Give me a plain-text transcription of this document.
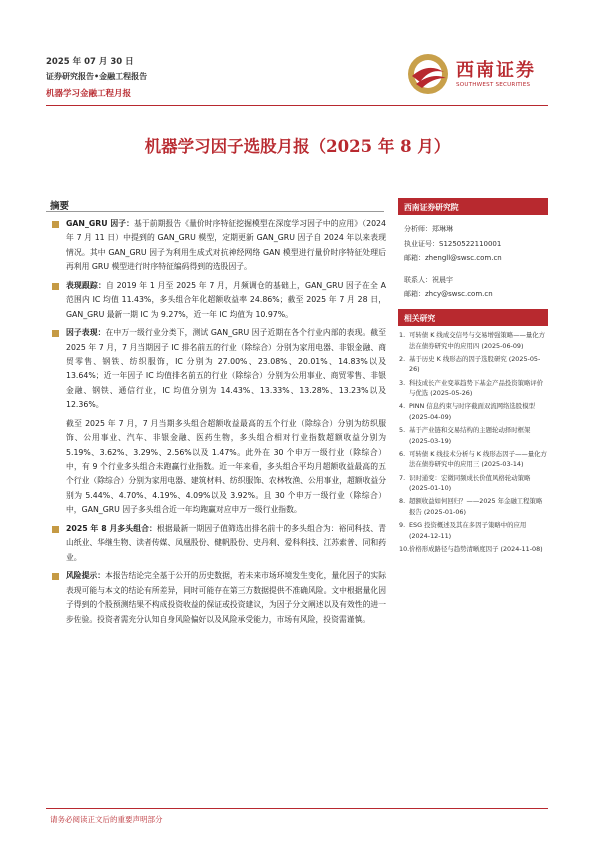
2025 年 07 月 30 日
证券研究报告•金融工程报告
机器学习金融工程月报
西南证券
SOUTHWEST SECURITIES
机器学习因子选股月报（2025 年 8 月）
摘要

GAN_GRU 因子：基于前期报告《量价时序特征挖掘模型在深度学习因子中的应用》（2024 年 7 月 11 日）中提到的 GAN_GRU 模型，定期更新 GAN_GRU 因子自 2024 年以来表现情况。其中 GAN_GRU 因子为利用生成式对抗神经网络 GAN 模型进行量价时序特征处理后再利用 GRU 模型进行时序特征编码得到的选股因子。

表现跟踪：自 2019 年 1 月至 2025 年 7 月，月频调仓的基础上，GAN_GRU 因子在全 A 范围内 IC 均值 11.43%，多头组合年化超额收益率 24.86%；截至 2025 年 7 月 28 日，GAN_GRU 最新一期 IC 为 9.27%，近一年 IC 均值为 10.97%。

因子表现：在中万一级行业分类下，测试 GAN_GRU 因子近期在各个行业内部的表现。截至 2025 年 7 月，7 月当期因子 IC 排名前五的行业（除综合）分别为家用电器、非银金融、商贸零售、钢铁、纺织服饰，IC 分别为 27.00%、23.08%、20.01%、14.83%以及 13.64%；近一年因子 IC 均值排名前五的行业（除综合）分别为公用事业、商贸零售、非银金融、钢铁、通信行业，IC 均值分别为 14.43%、13.33%、13.28%、13.23%以及 12.36%。

截至 2025 年 7 月，7 月当期多头组合超额收益最高的五个行业（除综合）分别为纺织服饰、公用事业、汽车、非银金融、医药生物，多头组合相对行业指数超额收益分别为 5.19%、3.62%、3.29%、2.56%以及 1.47%。此外在 30 个申万一级行业（除综合）中，有 9 个行业多头组合未跑赢行业指数。近一年来看，多头组合平均月超额收益最高的五个行业（除综合）分别为家用电器、建筑材料、纺织服饰、农林牧渔、公用事业，超额收益分别为 5.44%、4.70%、4.19%、4.09%以及 3.92%。且 30 个申万一级行业（除综合）中，GAN_GRU 因子多头组合近一年均跑赢对应申万一级行业指数。

2025 年 8 月多头组合：根据最新一期因子值筛选出排名前十的多头组合为：裕同科技、青山纸业、华继生物、读者传媒、凤凰股份、健帆股份、史丹利、爱科科技、江苏索普、同和药业。

风险提示：本报告结论完全基于公开的历史数据，若未来市场环境发生变化，量化因子的实际表现可能与本文的结论有所差异，同时可能存在第三方数据提供不准确风险。文中根据量化因子得到的个股预测结果不构成投资收益的保证或投资建议，为因子分文阐述以及有效性的进一步佐验。投资者需充分认知自身风险偏好以及风险承受能力，市场有风险，投资需谨慎。

西南证券研究院
分析师：郑琳琳
执业证号：S1250522110001
邮箱：zhengll@swsc.com.cn
联系人：祝晨宇
邮箱：zhcy@swsc.com.cn
相关研究
1. 可转债 K 线成交信号与交易增强策略——量化方法在债券研究中的应用四 (2025-06-09)
2. 基于历史 K 线形态的因子选股研究 (2025-05-26)
3. 科技成长产业变革趋势下基金产品投资策略评价与优选 (2025-05-26)
4. PINN 信息约束与时序截面双流网络选股模型 (2025-04-09)
5. 基于产业链和交易结构的主题轮动择时框架 (2025-03-19)
6. 可转债 K 线技术分析与 K 线形态因子——量化方法在债券研究中的应用三 (2025-03-14)
7. 识时通变：宏微同频成长价值风格轮动策略 (2025-01-10)
8. 超额收益如何回归？——2025 年金融工程策略报告 (2025-01-06)
9. ESG 投资概述及其在多因子策略中的应用 (2024-12-11)
10. 价格形成路径与趋势清晰度因子 (2024-11-08)
请务必阅读正文后的重要声明部分
